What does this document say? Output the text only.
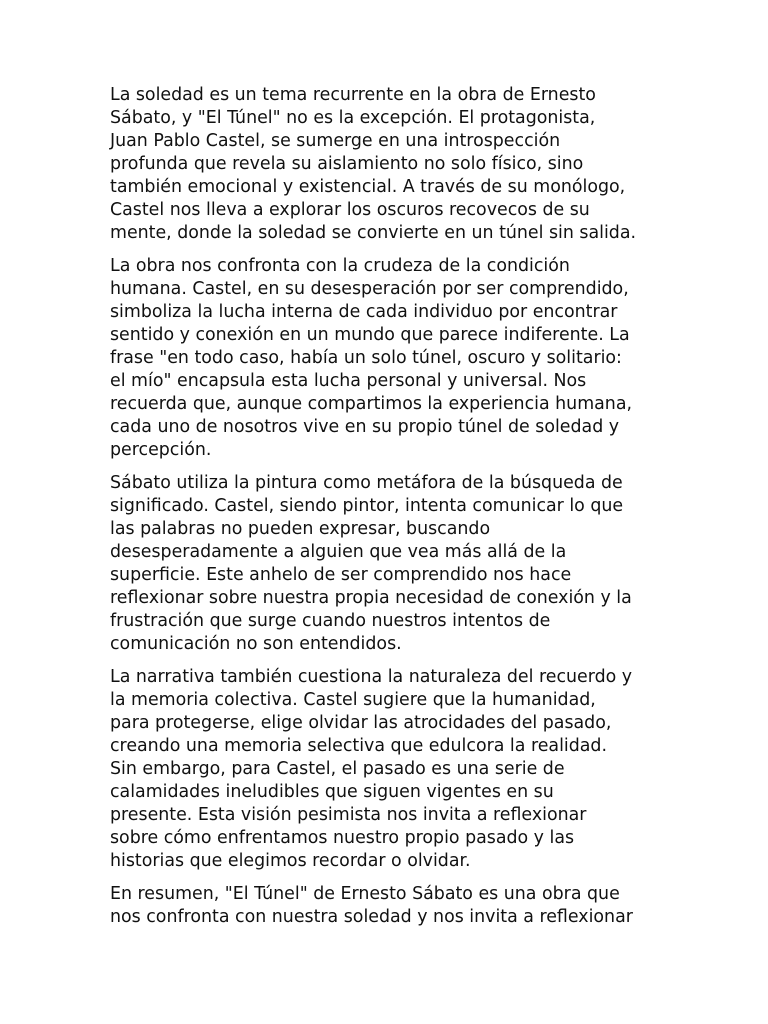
La soledad es un tema recurrente en la obra de Ernesto
Sábato, y "El Túnel" no es la excepción. El protagonista,
Juan Pablo Castel, se sumerge en una introspección
profunda que revela su aislamiento no solo físico, sino
también emocional y existencial. A través de su monólogo,
Castel nos lleva a explorar los oscuros recovecos de su
mente, donde la soledad se convierte en un túnel sin salida.

La obra nos confronta con la crudeza de la condición
humana. Castel, en su desesperación por ser comprendido,
simboliza la lucha interna de cada individuo por encontrar
sentido y conexión en un mundo que parece indiferente. La
frase "en todo caso, había un solo túnel, oscuro y solitario:
el mío" encapsula esta lucha personal y universal. Nos
recuerda que, aunque compartimos la experiencia humana,
cada uno de nosotros vive en su propio túnel de soledad y
percepción.

Sábato utiliza la pintura como metáfora de la búsqueda de
significado. Castel, siendo pintor, intenta comunicar lo que
las palabras no pueden expresar, buscando
desesperadamente a alguien que vea más allá de la
superficie. Este anhelo de ser comprendido nos hace
reflexionar sobre nuestra propia necesidad de conexión y la
frustración que surge cuando nuestros intentos de
comunicación no son entendidos.

La narrativa también cuestiona la naturaleza del recuerdo y
la memoria colectiva. Castel sugiere que la humanidad,
para protegerse, elige olvidar las atrocidades del pasado,
creando una memoria selectiva que edulcora la realidad.
Sin embargo, para Castel, el pasado es una serie de
calamidades ineludibles que siguen vigentes en su
presente. Esta visión pesimista nos invita a reflexionar
sobre cómo enfrentamos nuestro propio pasado y las
historias que elegimos recordar o olvidar.

En resumen, "El Túnel" de Ernesto Sábato es una obra que
nos confronta con nuestra soledad y nos invita a reflexionar
